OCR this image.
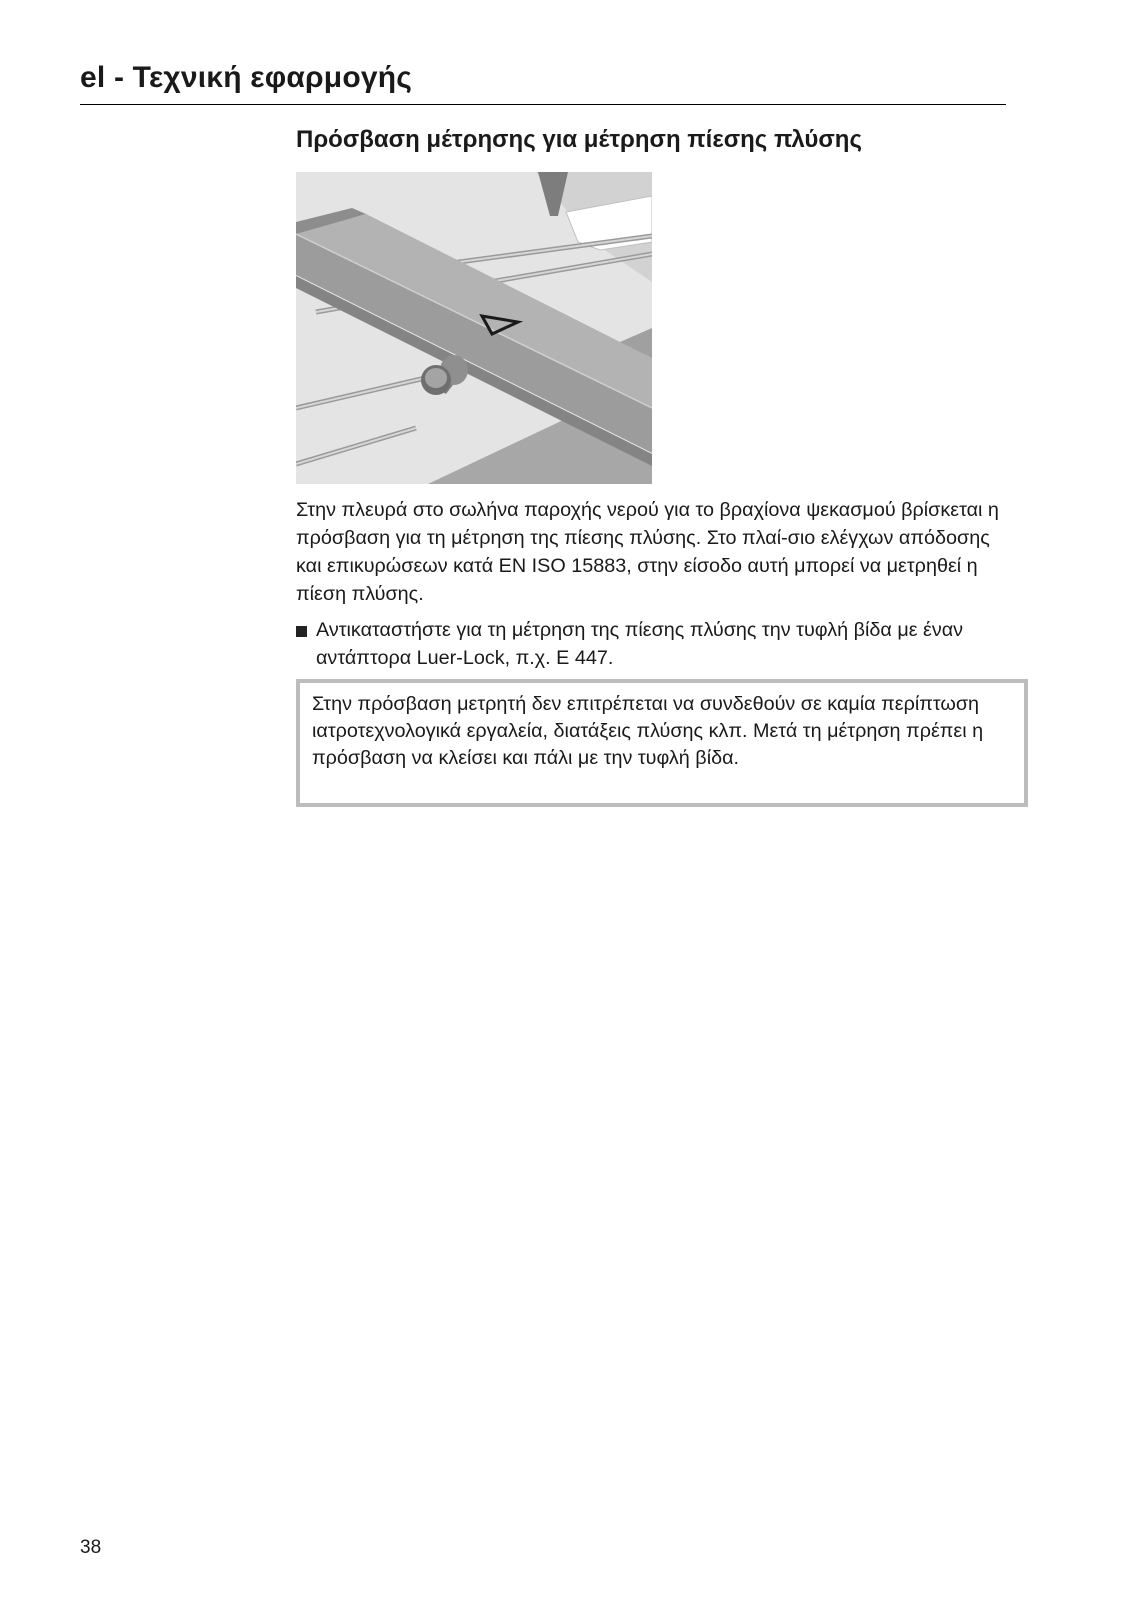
el - Τεχνική εφαρμογής
Πρόσβαση μέτρησης για μέτρηση πίεσης πλύσης

Στην πλευρά στο σωλήνα παροχής νερού για το βραχίονα ψεκασμού βρίσκεται η πρόσβαση για τη μέτρηση της πίεσης πλύσης. Στο πλαί-σιο ελέγχων απόδοσης και επικυρώσεων κατά EN ISO 15883, στην είσοδο αυτή μπορεί να μετρηθεί η πίεση πλύσης.

Αντικαταστήστε για τη μέτρηση της πίεσης πλύσης την τυφλή βίδα με έναν αντάπτορα Luer-Lock, π.χ. E 447.

Στην πρόσβαση μετρητή δεν επιτρέπεται να συνδεθούν σε καμία περίπτωση ιατροτεχνολογικά εργαλεία, διατάξεις πλύσης κλπ. Μετά τη μέτρηση πρέπει η πρόσβαση να κλείσει και πάλι με την τυφλή βίδα.

38
